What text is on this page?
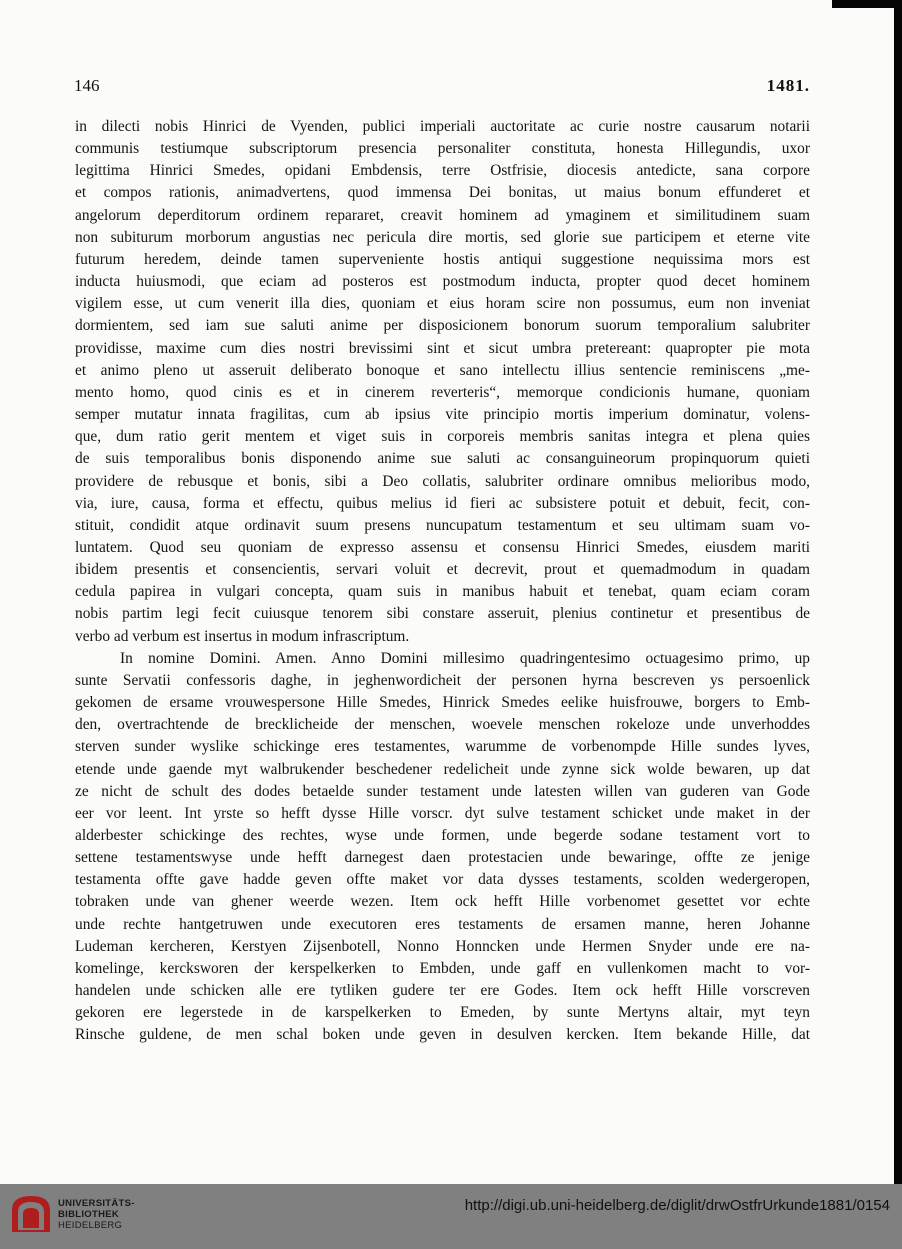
146	1481.
in dilecti nobis Hinrici de Vyenden, publici imperiali auctoritate ac curie nostre causarum notarii
communis testiumque subscriptorum presencia personaliter constituta, honesta Hillegundis, uxor
legittima Hinrici Smedes, opidani Embdensis, terre Ostfrisie, diocesis antedicte, sana corpore
et compos rationis, animadvertens, quod immensa Dei bonitas, ut maius bonum effunderet et
angelorum deperditorum ordinem repararet, creavit hominem ad ymaginem et similitudinem suam
non subiturum morborum angustias nec pericula dire mortis, sed glorie sue participem et eterne vite
futurum heredem, deinde tamen superveniente hostis antiqui suggestione nequissima mors est
inducta huiusmodi, que eciam ad posteros est postmodum inducta, propter quod decet hominem
vigilem esse, ut cum venerit illa dies, quoniam et eius horam scire non possumus, eum non inveniat
dormientem, sed iam sue saluti anime per disposicionem bonorum suorum temporalium salubriter
providisse, maxime cum dies nostri brevissimi sint et sicut umbra pretereant: quapropter pie mota
et animo pleno ut asseruit deliberato bonoque et sano intellectu illius sentencie reminiscens „me-
mento homo, quod cinis es et in cinerem reverteris“, memorque condicionis humane, quoniam
semper mutatur innata fragilitas, cum ab ipsius vite principio mortis imperium dominatur, volens-
que, dum ratio gerit mentem et viget suis in corporeis membris sanitas integra et plena quies
de suis temporalibus bonis disponendo anime sue saluti ac consanguineorum propinquorum quieti
providere de rebusque et bonis, sibi a Deo collatis, salubriter ordinare omnibus melioribus modo,
via, iure, causa, forma et effectu, quibus melius id fieri ac subsistere potuit et debuit, fecit, con-
stituit, condidit atque ordinavit suum presens nuncupatum testamentum et seu ultimam suam vo-
luntatem. Quod seu quoniam de expresso assensu et consensu Hinrici Smedes, eiusdem mariti
ibidem presentis et consencientis, servari voluit et decrevit, prout et quemadmodum in quadam
cedula papirea in vulgari concepta, quam suis in manibus habuit et tenebat, quam eciam coram
nobis partim legi fecit cuiusque tenorem sibi constare asseruit, plenius continetur et presentibus de
verbo ad verbum est insertus in modum infrascriptum.
In nomine Domini. Amen. Anno Domini millesimo quadringentesimo octuagesimo primo, up
sunte Servatii confessoris daghe, in jeghenwordicheit der personen hyrna bescreven ys persoenlick
gekomen de ersame vrouwespersone Hille Smedes, Hinrick Smedes eelike huisfrouwe, borgers to Emb-
den, overtrachtende de brecklicheide der menschen, woevele menschen rokeloze unde unverhoddes
sterven sunder wyslike schickinge eres testamentes, warumme de vorbenompde Hille sundes lyves,
etende unde gaende myt walbrukender beschedener redelicheit unde zynne sick wolde bewaren, up dat
ze nicht de schult des dodes betaelde sunder testament unde latesten willen van guderen van Gode
eer vor leent. Int yrste so hefft dysse Hille vorscr. dyt sulve testament schicket unde maket in der
alderbester schickinge des rechtes, wyse unde formen, unde begerde sodane testament vort to
settene testamentswyse unde hefft darnegest daen protestacien unde bewaringe, offte ze jenige
testamenta offte gave hadde geven offte maket vor data dysses testaments, scolden wedergeropen,
tobraken unde van ghener weerde wezen. Item ock hefft Hille vorbenomet gesettet vor echte
unde rechte hantgetruwen unde executoren eres testaments de ersamen manne, heren Johanne
Ludeman kercheren, Kerstyen Zijsenbotell, Nonno Honncken unde Hermen Snyder unde ere na-
komelinge, kercksworen der kerspelkerken to Embden, unde gaff en vullenkomen macht to vor-
handelen unde schicken alle ere tytliken gudere ter ere Godes. Item ock hefft Hille vorscreven
gekoren ere legerstede in de karspelkerken to Emeden, by sunte Mertyns altair, myt teyn
Rinsche guldene, de men schal boken unde geven in desulven kercken. Item bekande Hille, dat
UNIVERSITÄTS-
BIBLIOTHEK
HEIDELBERG
http://digi.ub.uni-heidelberg.de/diglit/drwOstfrUrkunde1881/0154
